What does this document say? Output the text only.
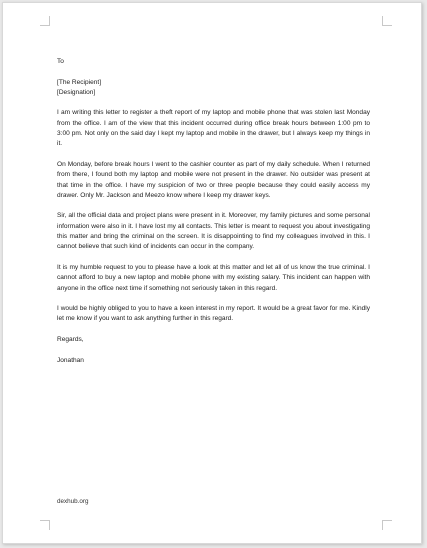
To
[The Recipient]
[Designation]

I am writing this letter to register a theft report of my laptop and mobile phone that was stolen last Monday from the office. I am of the view that this incident occurred during office break hours between 1:00 pm to 3:00 pm. Not only on the said day I kept my laptop and mobile in the drawer, but I always keep my things in it.

On Monday, before break hours I went to the cashier counter as part of my daily schedule. When I returned from there, I found both my laptop and mobile were not present in the drawer. No outsider was present at that time in the office. I have my suspicion of two or three people because they could easily access my drawer. Only Mr. Jackson and Meezo know where I keep my drawer keys.

Sir, all the official data and project plans were present in it. Moreover, my family pictures and some personal information were also in it. I have lost my all contacts. This letter is meant to request you about investigating this matter and bring the criminal on the screen. It is disappointing to find my colleagues involved in this. I cannot believe that such kind of incidents can occur in the company.

It is my humble request to you to please have a look at this matter and let all of us know the true criminal. I cannot afford to buy a new laptop and mobile phone with my existing salary. This incident can happen with anyone in the office next time if something not seriously taken in this regard.

I would be highly obliged to you to have a keen interest in my report. It would be a great favor for me. Kindly let me know if you want to ask anything further in this regard.

Regards,
Jonathan
dexhub.org
